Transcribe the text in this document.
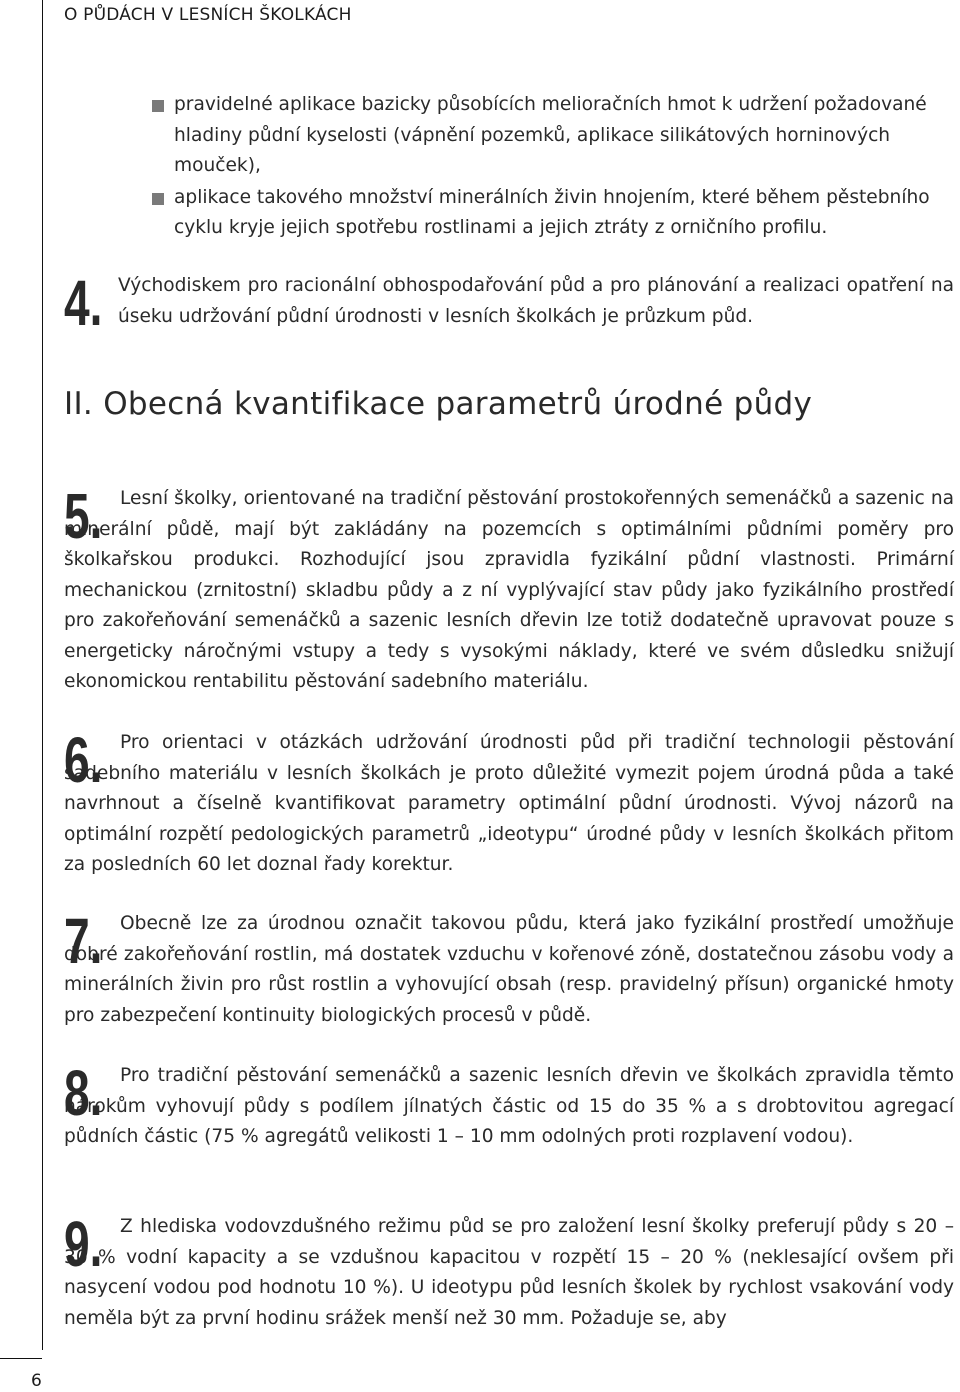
O PŮDÁCH V LESNÍCH ŠKOLKÁCH
6

pravidelné aplikace bazicky působících melioračních hmot k udržení požadované hladiny půdní kyselosti (vápnění pozemků, aplikace silikátových horninových mouček),

aplikace takového množství minerálních živin hnojením, které během pěstebního cyklu kryje jejich spotřebu rostlinami a jejich ztráty z orničního profilu.

4. Východiskem pro racionální obhospodařování půd a pro plánování a realizaci opatření na úseku udržování půdní úrodnosti v lesních školkách je průzkum půd.
II. Obecná kvantifikace parametrů úrodné půdy
5. Lesní školky, orientované na tradiční pěstování prostokořenných semenáčků a sazenic na minerální půdě, mají být zakládány na pozemcích s optimálními půdními poměry pro školkařskou produkci. Rozhodující jsou zpravidla fyzikální půdní vlastnosti. Primární mechanickou (zrnitostní) skladbu půdy a z ní vyplývající stav půdy jako fyzikálního prostředí pro zakořeňování semenáčků a sazenic lesních dřevin lze totiž dodatečně upravovat pouze s energeticky náročnými vstupy a tedy s vysokými náklady, které ve svém důsledku snižují ekonomickou rentabilitu pěstování sadebního materiálu.
6. Pro orientaci v otázkách udržování úrodnosti půd při tradiční technologii pěstování sadebního materiálu v lesních školkách je proto důležité vymezit pojem úrodná půda a také navrhnout a číselně kvantifikovat parametry optimální půdní úrodnosti. Vývoj názorů na optimální rozpětí pedologických parametrů „ideotypu“ úrodné půdy v lesních školkách přitom za posledních 60 let doznal řady korektur.
7. Obecně lze za úrodnou označit takovou půdu, která jako fyzikální prostředí umožňuje dobré zakořeňování rostlin, má dostatek vzduchu v kořenové zóně, dostatečnou zásobu vody a minerálních živin pro růst rostlin a vyhovující obsah (resp. pravidelný přísun) organické hmoty pro zabezpečení kontinuity biologických procesů v půdě.
8. Pro tradiční pěstování semenáčků a sazenic lesních dřevin ve školkách zpravidla těmto nárokům vyhovují půdy s podílem jílnatých částic od 15 do 35 % a s drobtovitou agregací půdních částic (75 % agregátů velikosti 1 – 10 mm odolných proti rozplavení vodou).
9. Z hlediska vodovzdušného režimu půd se pro založení lesní školky preferují půdy s 20 – 30 % vodní kapacity a se vzdušnou kapacitou v rozpětí 15 – 20 % (neklesající ovšem při nasycení vodou pod hodnotu 10 %). U ideotypu půd lesních školek by rychlost vsakování vody neměla být za první hodinu srážek menší než 30 mm. Požaduje se, aby
